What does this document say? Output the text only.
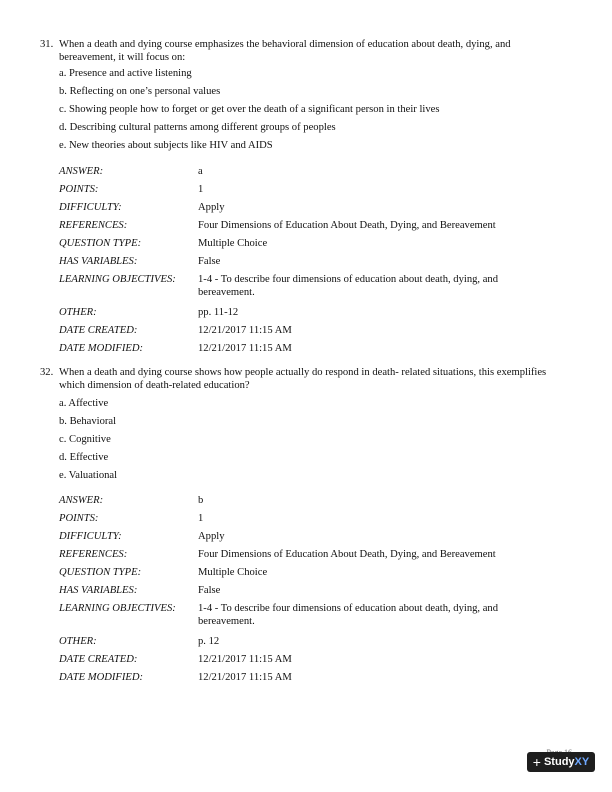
31. When a death and dying course emphasizes the behavioral dimension of education about death, dying, and bereavement, it will focus on:
a. Presence and active listening
b. Reflecting on one’s personal values
c. Showing people how to forget or get over the death of a significant person in their lives
d. Describing cultural patterns among different groups of peoples
e. New theories about subjects like HIV and AIDS
ANSWER:	a
POINTS:	1
DIFFICULTY:	Apply
REFERENCES:	Four Dimensions of Education About Death, Dying, and Bereavement
QUESTION TYPE:	Multiple Choice
HAS VARIABLES:	False
LEARNING OBJECTIVES: 1-4 - To describe four dimensions of education about death, dying, and bereavement.
OTHER:	pp. 11-12
DATE CREATED:	12/21/2017 11:15 AM
DATE MODIFIED:	12/21/2017 11:15 AM
32. When a death and dying course shows how people actually do respond in death- related situations, this exemplifies which dimension of death-related education?
a. Affective
b. Behavioral
c. Cognitive
d. Effective
e. Valuational
ANSWER:	b
POINTS:	1
DIFFICULTY:	Apply
REFERENCES:	Four Dimensions of Education About Death, Dying, and Bereavement
QUESTION TYPE:	Multiple Choice
HAS VARIABLES:	False
LEARNING OBJECTIVES: 1-4 - To describe four dimensions of education about death, dying, and bereavement.
OTHER:	p. 12
DATE CREATED:	12/21/2017 11:15 AM
DATE MODIFIED:	12/21/2017 11:15 AM
+ StudyXY
